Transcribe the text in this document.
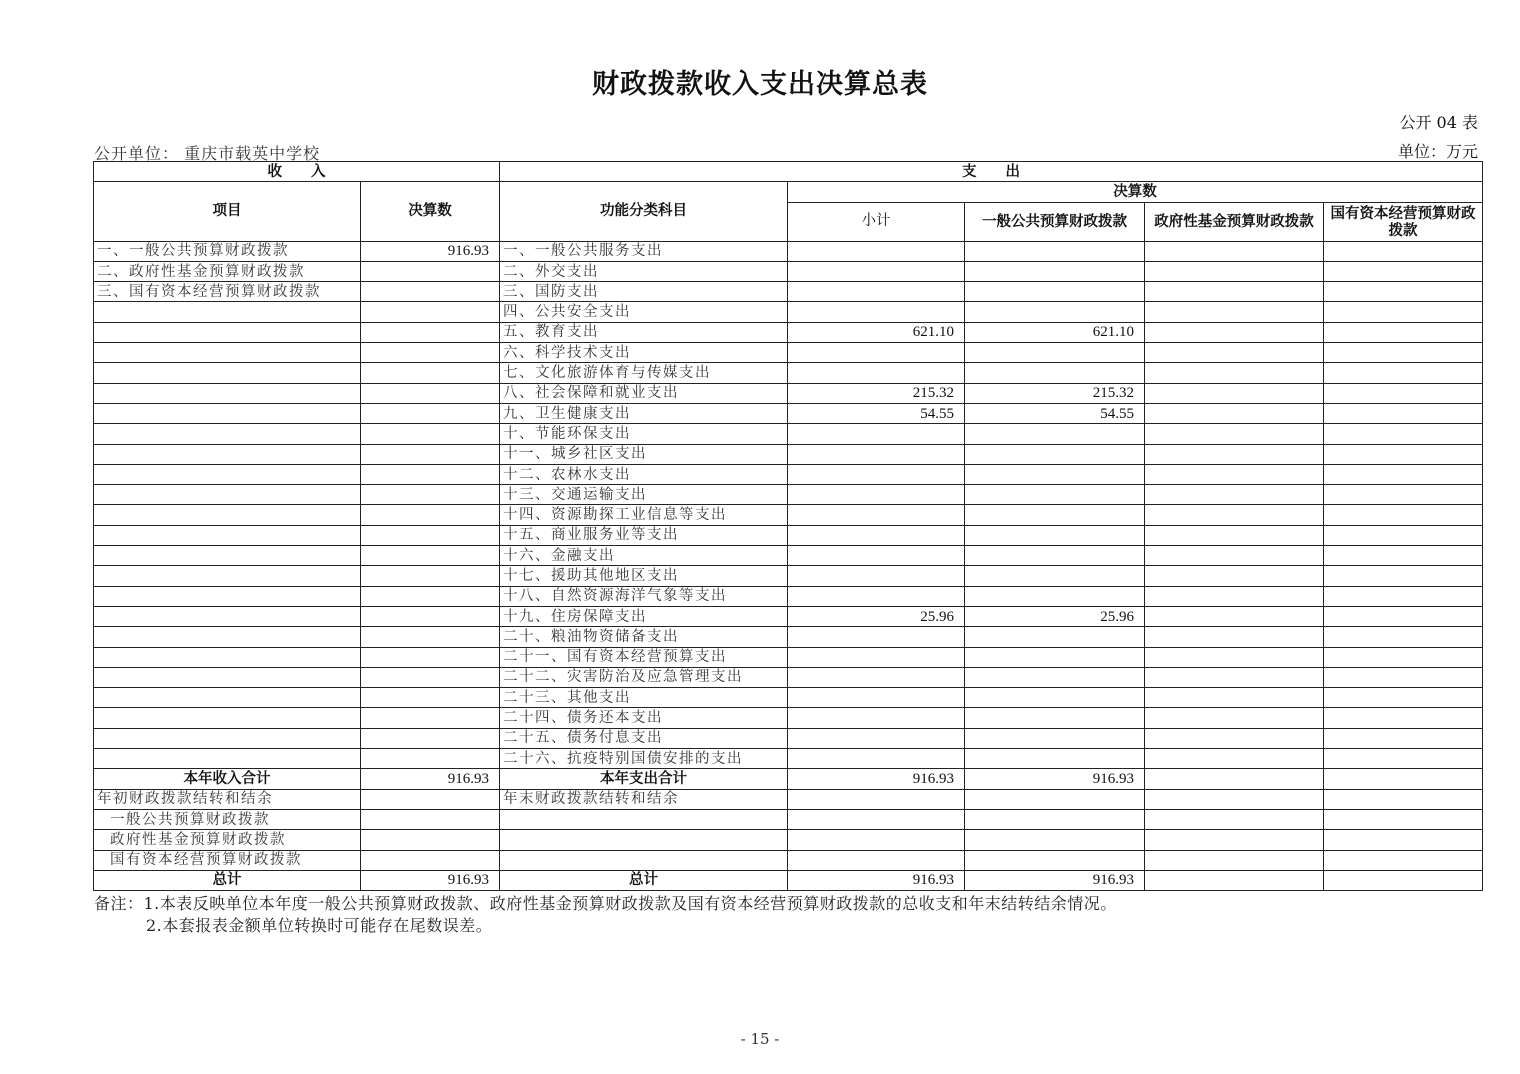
财政拨款收入支出决算总表
公开 04 表
公开单位： 重庆市载英中学校	单位：万元
收　　入		支　　出				
项目	决算数	功能分类科目	决算数			
			小计	一般公共预算财政拨款	政府性基金预算财政拨款	国有资本经营预算财政拨款
一、一般公共预算财政拨款	916.93	一、一般公共服务支出				
二、政府性基金预算财政拨款		二、外交支出				
三、国有资本经营预算财政拨款		三、国防支出				
		四、公共安全支出				
		五、教育支出	621.10	621.10		
		六、科学技术支出				
		七、文化旅游体育与传媒支出				
		八、社会保障和就业支出	215.32	215.32		
		九、卫生健康支出	54.55	54.55		
		十、节能环保支出				
		十一、城乡社区支出				
		十二、农林水支出				
		十三、交通运输支出				
		十四、资源勘探工业信息等支出				
		十五、商业服务业等支出				
		十六、金融支出				
		十七、援助其他地区支出				
		十八、自然资源海洋气象等支出				
		十九、住房保障支出	25.96	25.96		
		二十、粮油物资储备支出				
		二十一、国有资本经营预算支出				
		二十二、灾害防治及应急管理支出				
		二十三、其他支出				
		二十四、债务还本支出				
		二十五、债务付息支出				
		二十六、抗疫特别国债安排的支出				
本年收入合计	916.93	本年支出合计	916.93	916.93		
年初财政拨款结转和结余		年末财政拨款结转和结余				
一般公共预算财政拨款						
政府性基金预算财政拨款						
国有资本经营预算财政拨款						
总计	916.93	总计	916.93	916.93		
备注：1.本表反映单位本年度一般公共预算财政拨款、政府性基金预算财政拨款及国有资本经营预算财政拨款的总收支和年末结转结余情况。
2.本套报表金额单位转换时可能存在尾数误差。
- 15 -
